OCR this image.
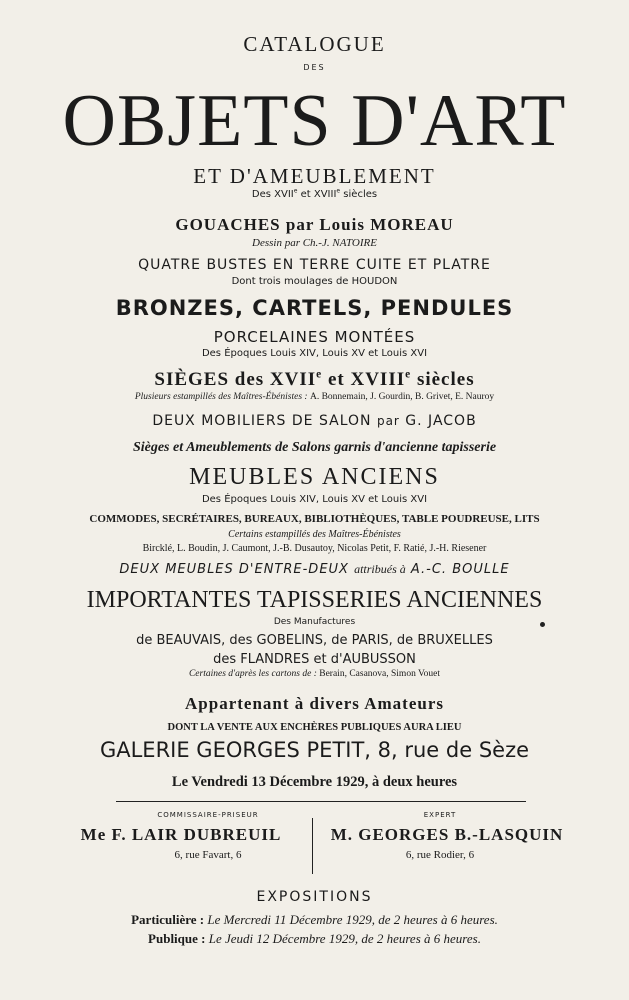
CATALOGUE
DES
OBJETS D'ART
ET D'AMEUBLEMENT
Des XVIIe et XVIIIe siècles
GOUACHES par Louis MOREAU
Dessin par Ch.-J. NATOIRE
QUATRE BUSTES EN TERRE CUITE ET PLATRE
Dont trois moulages de HOUDON
BRONZES, CARTELS, PENDULES
PORCELAINES MONTÉES
Des Époques Louis XIV, Louis XV et Louis XVI
SIÈGES des XVIIe et XVIIIe siècles
Plusieurs estampillés des Maîtres-Ébénistes : A. Bonnemain, J. Gourdin, B. Grivet, E. Nauroy
DEUX MOBILIERS DE SALON par G. JACOB
Sièges et Ameublements de Salons garnis d'ancienne tapisserie
MEUBLES ANCIENS
Des Époques Louis XIV, Louis XV et Louis XVI
COMMODES, SECRÉTAIRES, BUREAUX, BIBLIOTHÈQUES, TABLE POUDREUSE, LITS
Certains estampillés des Maîtres-Ébénistes
Bircklé, L. Boudin, J. Caumont, J.-B. Dusautoy, Nicolas Petit, F. Ratié, J.-H. Riesener
DEUX MEUBLES D'ENTRE-DEUX attribués à A.-C. BOULLE
IMPORTANTES TAPISSERIES ANCIENNES
Des Manufactures
de BEAUVAIS, des GOBELINS, de PARIS, de BRUXELLES
des FLANDRES et d'AUBUSSON
Certaines d'après les cartons de : Berain, Casanova, Simon Vouet
Appartenant à divers Amateurs
DONT LA VENTE AUX ENCHÈRES PUBLIQUES AURA LIEU
GALERIE GEORGES PETIT, 8, rue de Sèze
Le Vendredi 13 Décembre 1929, à deux heures
COMMISSAIRE-PRISEUR
Me F. LAIR DUBREUIL
6, rue Favart, 6
EXPERT
M. GEORGES B.-LASQUIN
6, rue Rodier, 6
EXPOSITIONS
Particulière : Le Mercredi 11 Décembre 1929, de 2 heures à 6 heures.
Publique : Le Jeudi 12 Décembre 1929, de 2 heures à 6 heures.
